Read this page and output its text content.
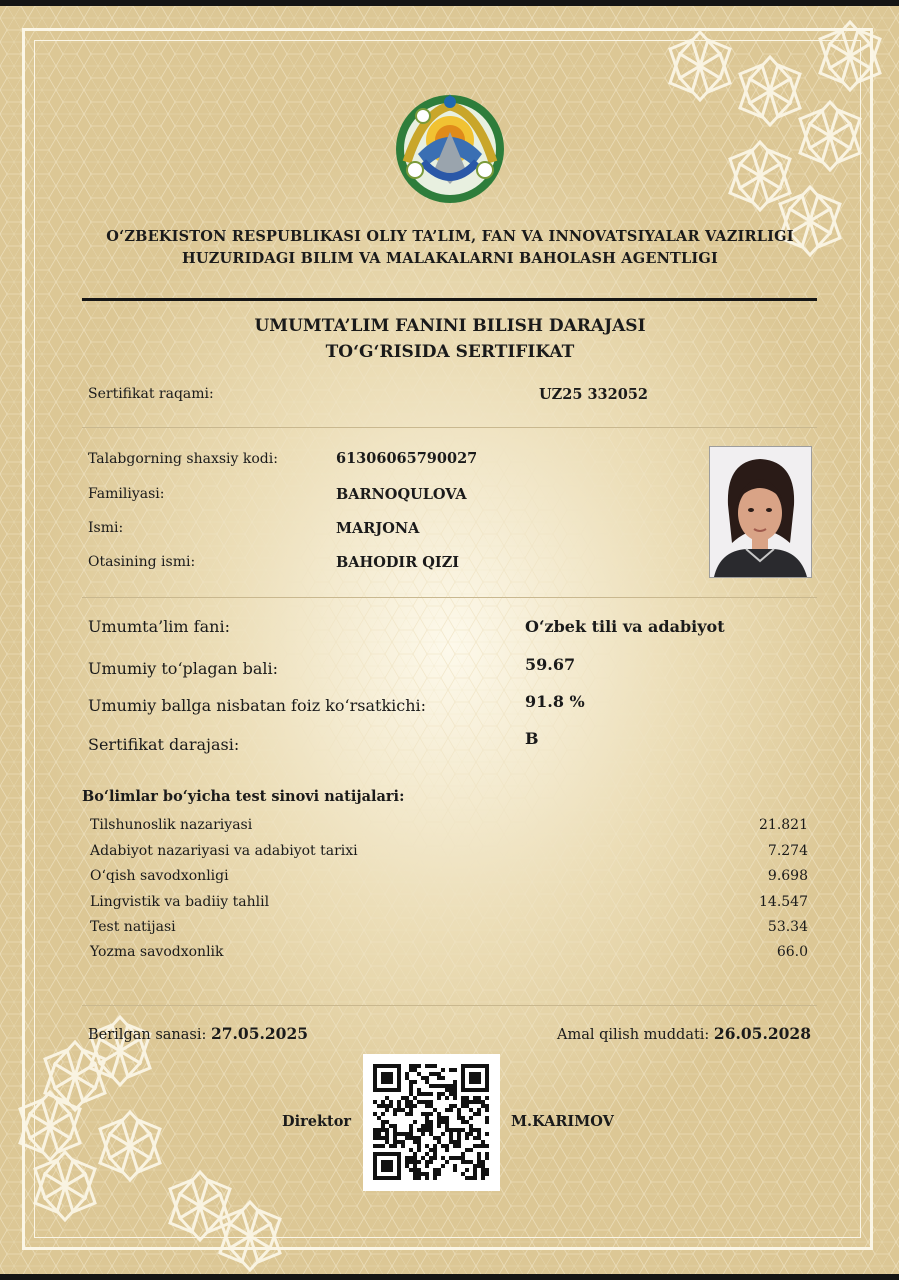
O‘ZBEKISTON RESPUBLIKASI OLIY TA’LIM, FAN VA INNOVATSIYALAR VAZIRLIGI
HUZURIDAGI BILIM VA MALAKALARNI BAHOLASH AGENTLIGI
UMUMTA’LIM FANINI BILISH DARAJASI
TO‘G‘RISIDA SERTIFIKAT
Sertifikat raqami:	UZ25 332052
Talabgorning shaxsiy kodi:	61306065790027
Familiyasi:	BARNOQULOVA
Ismi:	MARJONA
Otasining ismi:	BAHODIR QIZI
Umumta’lim fani:	O‘zbek tili va adabiyot
Umumiy to‘plagan bali:	59.67
Umumiy ballga nisbatan foiz ko‘rsatkichi:	91.8 %
Sertifikat darajasi:	B
Bo‘limlar bo‘yicha test sinovi natijalari:
Tilshunoslik nazariyasi	21.821
Adabiyot nazariyasi va adabiyot tarixi	7.274
O‘qish savodxonligi	9.698
Lingvistik va badiiy tahlil	14.547
Test natijasi	53.34
Yozma savodxonlik	66.0
Berilgan sanasi: 27.05.2025	Amal qilish muddati: 26.05.2028
Direktor	M.KARIMOV
